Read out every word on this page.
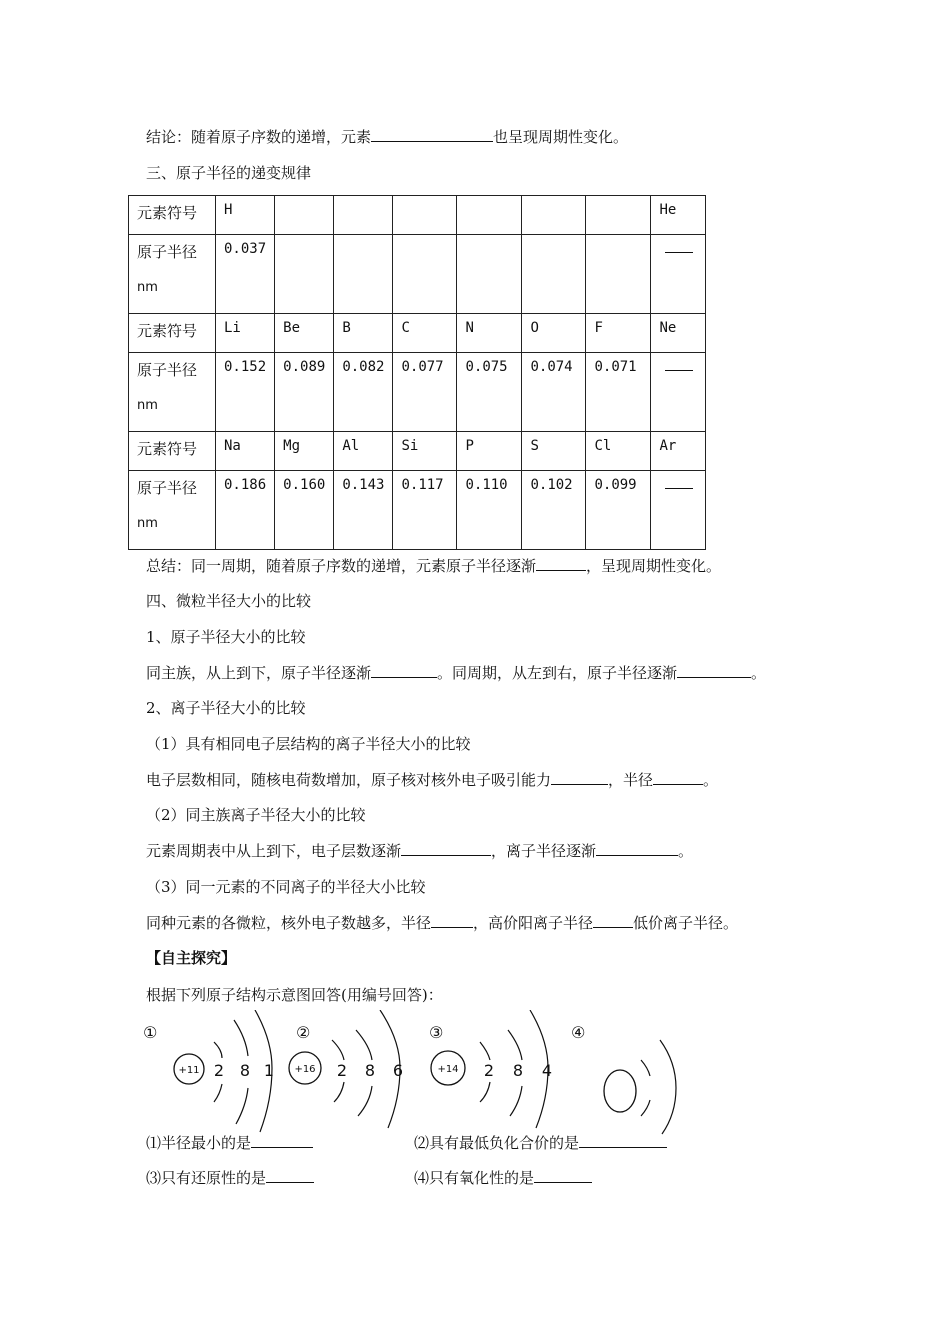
结论：随着原子序数的递增，元素	也呈现周期性变化。
三、原子半径的递变规律
元素符号	H							He
原子半径
nm	0.037							
元素符号	Li	Be	B	C	N	O	F	Ne
原子半径
nm	0.152	0.089	0.082	0.077	0.075	0.074	0.071	
元素符号	Na	Mg	Al	Si	P	S	Cl	Ar
原子半径
nm	0.186	0.160	0.143	0.117	0.110	0.102	0.099	
总结：同一周期，随着原子序数的递增，元素原子半径逐渐	，呈现周期性变化。
四、微粒半径大小的比较
1、原子半径大小的比较
同主族，从上到下，原子半径逐渐	。同周期，从左到右，原子半径逐渐	。
2、离子半径大小的比较
（1）具有相同电子层结构的离子半径大小的比较
电子层数相同，随核电荷数增加，原子核对核外电子吸引能力	，半径	。
（2）同主族离子半径大小的比较
元素周期表中从上到下，电子层数逐渐	，离子半径逐渐	。
（3）同一元素的不同离子的半径大小比较
同种元素的各微粒，核外电子数越多，半径	，高价阳离子半径	低价离子半径。
【自主探究】
根据下列原子结构示意图回答(用编号回答)：
①
+11 2 8 1
②
+16 2 8 6
③
+14 2 8 4
④
⑴半径最小的是	⑵具有最低负化合价的是
⑶只有还原性的是	⑷只有氧化性的是
